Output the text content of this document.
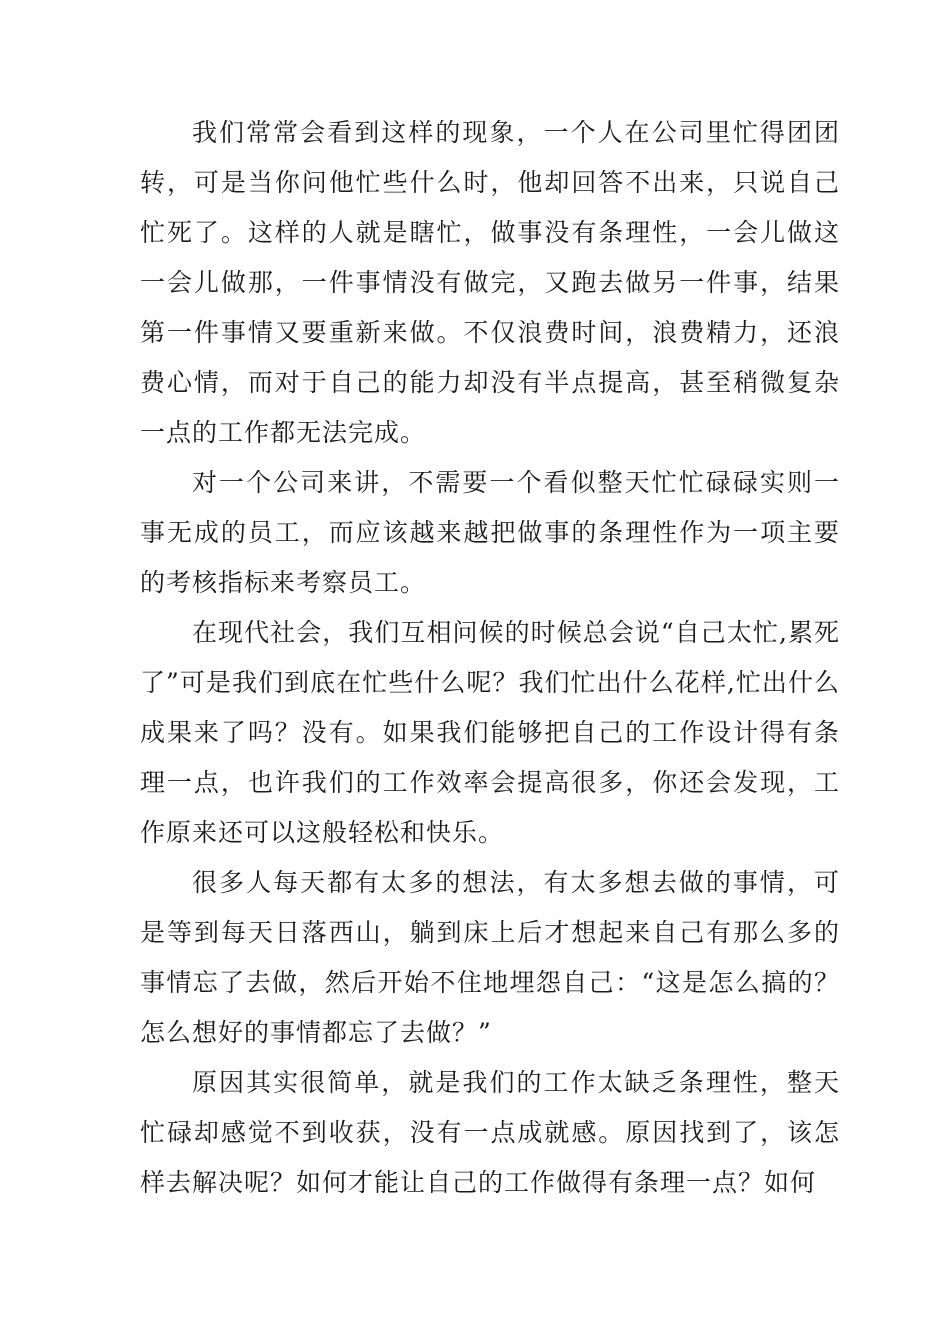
我们常常会看到这样的现象，一个人在公司里忙得团团转，可是当你问他忙些什么时，他却回答不出来，只说自己忙死了。这样的人就是瞎忙，做事没有条理性，一会儿做这一会儿做那，一件事情没有做完，又跑去做另一件事，结果第一件事情又要重新来做。不仅浪费时间，浪费精力，还浪费心情，而对于自己的能力却没有半点提高，甚至稍微复杂一点的工作都无法完成。

对一个公司来讲，不需要一个看似整天忙忙碌碌实则一事无成的员工，而应该越来越把做事的条理性作为一项主要的考核指标来考察员工。

在现代社会，我们互相问候的时候总会说“自己太忙,累死了”可是我们到底在忙些什么呢？我们忙出什么花样,忙出什么成果来了吗？没有。如果我们能够把自己的工作设计得有条理一点，也许我们的工作效率会提高很多，你还会发现，工作原来还可以这般轻松和快乐。

很多人每天都有太多的想法，有太多想去做的事情，可是等到每天日落西山，躺到床上后才想起来自己有那么多的事情忘了去做，然后开始不住地埋怨自己：“这是怎么搞的？怎么想好的事情都忘了去做？”

原因其实很简单，就是我们的工作太缺乏条理性，整天忙碌却感觉不到收获，没有一点成就感。原因找到了，该怎样去解决呢？如何才能让自己的工作做得有条理一点？如何
